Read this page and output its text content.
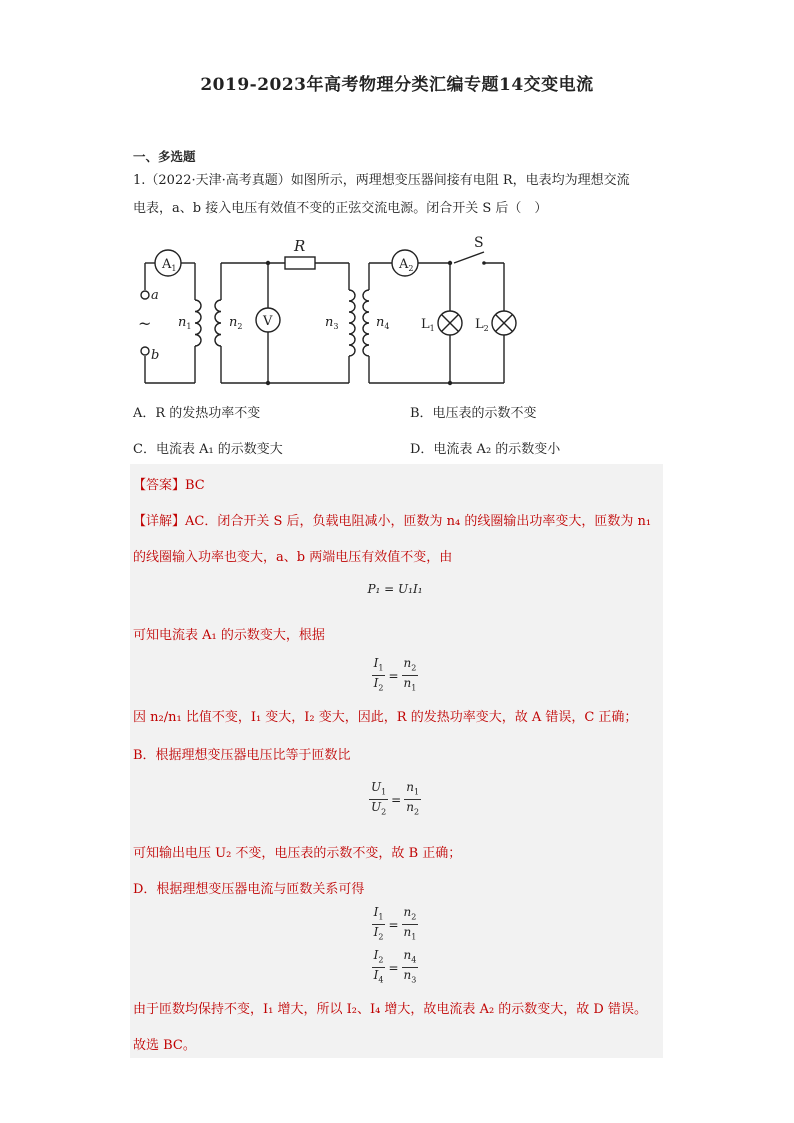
2019-2023年高考物理分类汇编专题14交变电流
一、多选题
1.（2022·天津·高考真题）如图所示，两理想变压器间接有电阻 R，电表均为理想交流
电表，a、b 接入电压有效值不变的正弦交流电源。闭合开关 S 后（　）
$A_1$	$A_2$
V
R	S
a
b
~ $n_1$	$n_2$	$n_3$	$n_4$ $L_1$	$L_2$
A．R 的发热功率不变	B．电压表的示数不变
C．电流表 A₁ 的示数变大	D．电流表 A₂ 的示数变小
【答案】BC
【详解】AC．闭合开关 S 后，负载电阻减小，匝数为 n₄ 的线圈输出功率变大，匝数为 n₁
的线圈输入功率也变大，a、b 两端电压有效值不变，由
P₁ = U₁I₁
可知电流表 A₁ 的示数变大，根据
$\frac{I_1}{I_2} = \frac{n_2}{n_1}$
因 n₂/n₁ 比值不变，I₁ 变大，I₂ 变大，因此，R 的发热功率变大，故 A 错误，C 正确；
B．根据理想变压器电压比等于匝数比
$\frac{U_1}{U_2} = \frac{n_1}{n_2}$
可知输出电压 U₂ 不变，电压表的示数不变，故 B 正确；
D．根据理想变压器电流与匝数关系可得
$\frac{I_1}{I_2} = \frac{n_2}{n_1}$
$\frac{I_2}{I_4} = \frac{n_4}{n_3}$
由于匝数均保持不变，I₁ 增大，所以 I₂、I₄ 增大，故电流表 A₂ 的示数变大，故 D 错误。
故选 BC。
